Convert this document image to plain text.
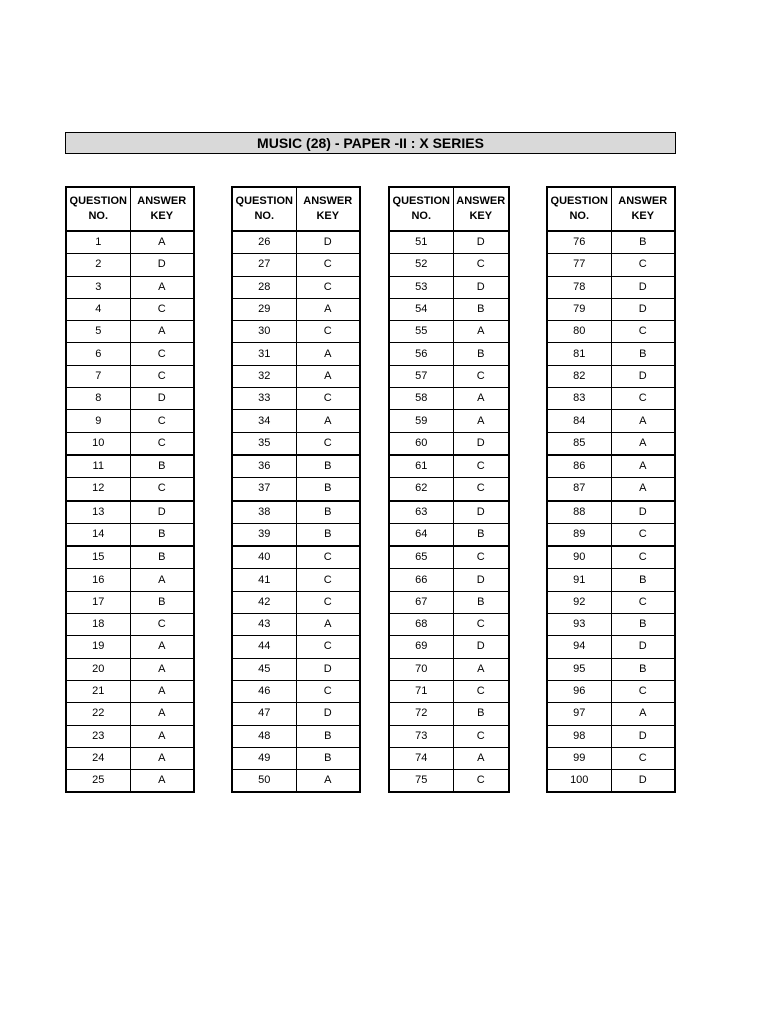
MUSIC (28) - PAPER -II : X SERIES
QUESTION
NO.	ANSWER
KEY
1	A
2	D
3	A
4	C
5	A
6	C
7	C
8	D
9	C
10	C
11	B
12	C
13	D
14	B
15	B
16	A
17	B
18	C
19	A
20	A
21	A
22	A
23	A
24	A
25	A
QUESTION
NO.	ANSWER
KEY
26	D
27	C
28	C
29	A
30	C
31	A
32	A
33	C
34	A
35	C
36	B
37	B
38	B
39	B
40	C
41	C
42	C
43	A
44	C
45	D
46	C
47	D
48	B
49	B
50	A
QUESTION
NO.	ANSWER
KEY
51	D
52	C
53	D
54	B
55	A
56	B
57	C
58	A
59	A
60	D
61	C
62	C
63	D
64	B
65	C
66	D
67	B
68	C
69	D
70	A
71	C
72	B
73	C
74	A
75	C
QUESTION
NO.	ANSWER
KEY
76	B
77	C
78	D
79	D
80	C
81	B
82	D
83	C
84	A
85	A
86	A
87	A
88	D
89	C
90	C
91	B
92	C
93	B
94	D
95	B
96	C
97	A
98	D
99	C
100	D
